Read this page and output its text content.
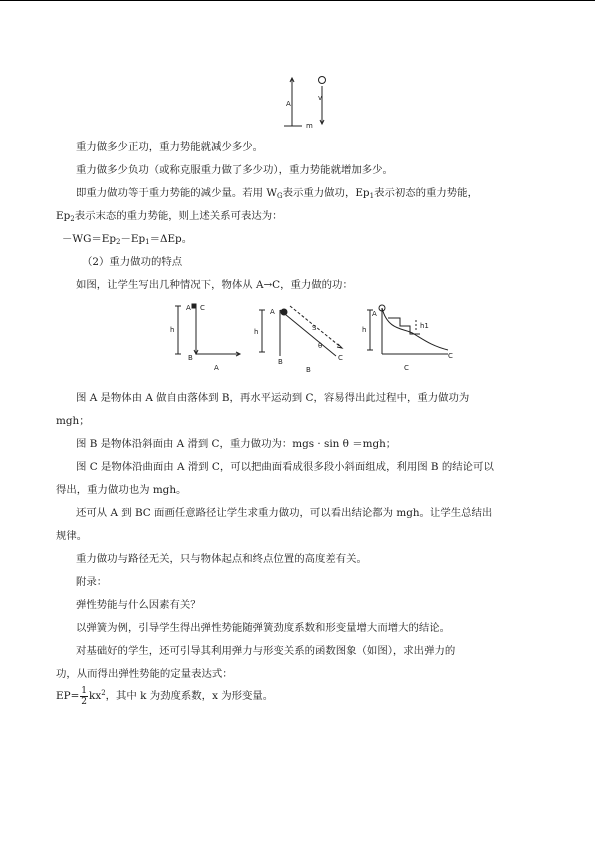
A
v
m
重力做多少正功，重力势能就减少多少。
重力做多少负功（或称克服重力做了多少功），重力势能就增加多少。
即重力做功等于重力势能的减少量。若用 $W_G$表示重力做功，$Ep_1$表示初态的重力势能，
$Ep_2$表示末态的重力势能，则上述关系可表达为：
$-WG=Ep_2-Ep_1=\Delta Ep$。
（2）重力做功的特点
如图，让学生写出几种情况下，物体从 A→C，重力做的功：
A
h
C
B
A
A
h	S
θ
C
B
B
A
h	h1
C
C
图 A 是物体由 A 做自由落体到 B，再水平运动到 C，容易得出此过程中，重力做功为
mgh；
图 B 是物体沿斜面由 A 滑到 C，重力做功为：mgs · sin θ ＝mgh；
图 C 是物体沿曲面由 A 滑到 C，可以把曲面看成很多段小斜面组成，利用图 B 的结论可以
得出，重力做功也为 mgh。
还可从 A 到 BC 面画任意路径让学生求重力做功，可以看出结论都为 mgh。让学生总结出
规律。
重力做功与路径无关，只与物体起点和终点位置的高度差有关。
附录：
弹性势能与什么因素有关？
以弹簧为例，引导学生得出弹性势能随弹簧劲度系数和形变量增大而增大的结论。
对基础好的学生，还可引导其利用弹力与形变关系的函数图象（如图），求出弹力的
功，从而得出弹性势能的定量表达式：
$EP= \frac{1}{2} kx^2$，其中 k 为劲度系数，x 为形变量。
